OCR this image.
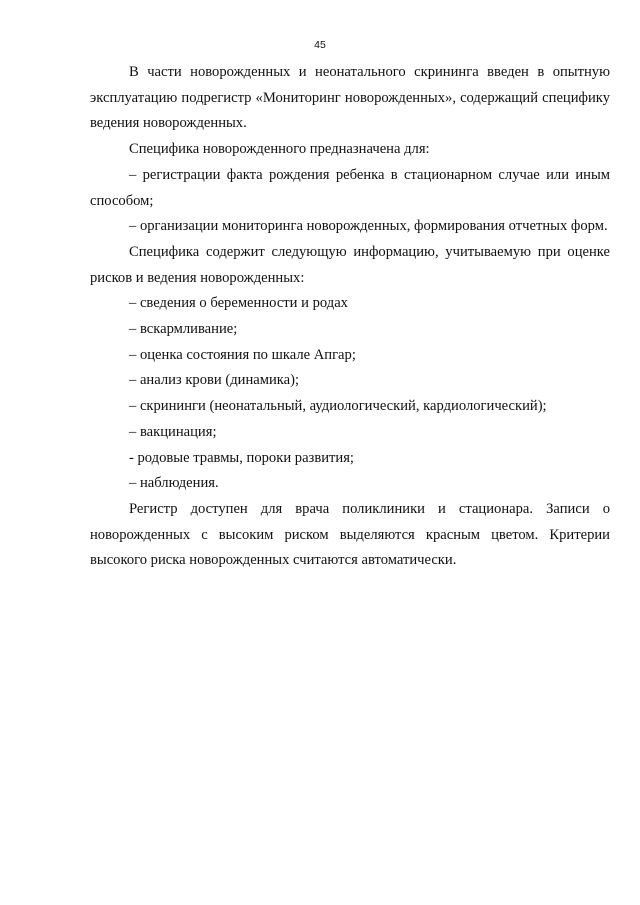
45

В части новорожденных и неонатального скрининга введен в опытную эксплуатацию подрегистр «Мониторинг новорожденных», содержащий специфику ведения новорожденных.

Специфика новорожденного предназначена для:

– регистрации факта рождения ребенка в стационарном случае или иным способом;

– организации мониторинга новорожденных, формирования отчетных форм.

Специфика содержит следующую информацию, учитываемую при оценке рисков и ведения новорожденных:

– сведения о беременности и родах

– вскармливание;

– оценка состояния по шкале Апгар;

– анализ крови (динамика);

– скрининги (неонатальный, аудиологический, кардиологический);

– вакцинация;

- родовые травмы, пороки развития;

– наблюдения.

Регистр доступен для врача поликлиники и стационара. Записи о новорожденных с высоким риском выделяются красным цветом. Критерии высокого риска новорожденных считаются автоматически.
